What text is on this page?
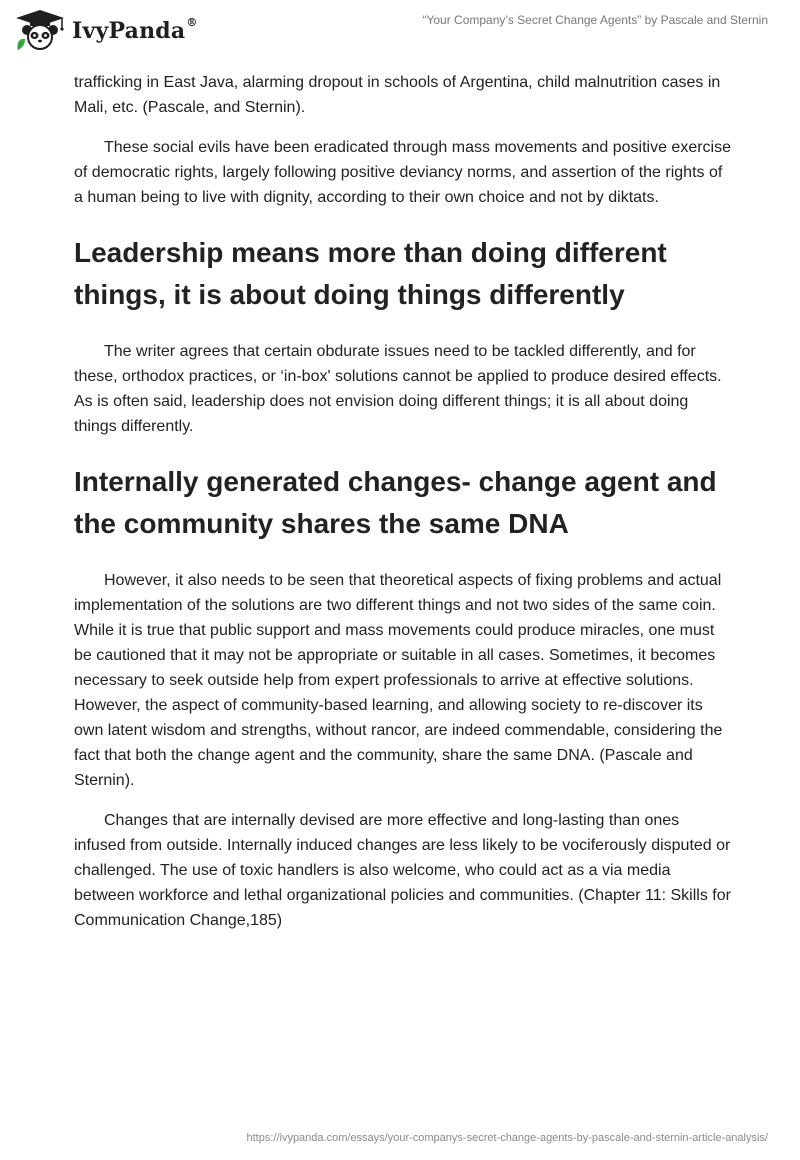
IvyPanda®	“Your Company’s Secret Change Agents” by Pascale and Sternin

trafficking in East Java, alarming dropout in schools of Argentina, child malnutrition cases in Mali, etc. (Pascale, and Sternin).

These social evils have been eradicated through mass movements and positive exercise of democratic rights, largely following positive deviancy norms, and assertion of the rights of a human being to live with dignity, according to their own choice and not by diktats.

Leadership means more than doing different things, it is about doing things differently

The writer agrees that certain obdurate issues need to be tackled differently, and for these, orthodox practices, or ‘in-box' solutions cannot be applied to produce desired effects. As is often said, leadership does not envision doing different things; it is all about doing things differently.

Internally generated changes- change agent and the community shares the same DNA

However, it also needs to be seen that theoretical aspects of fixing problems and actual implementation of the solutions are two different things and not two sides of the same coin. While it is true that public support and mass movements could produce miracles, one must be cautioned that it may not be appropriate or suitable in all cases. Sometimes, it becomes necessary to seek outside help from expert professionals to arrive at effective solutions. However, the aspect of community-based learning, and allowing society to re-discover its own latent wisdom and strengths, without rancor, are indeed commendable, considering the fact that both the change agent and the community, share the same DNA. (Pascale and Sternin).

Changes that are internally devised are more effective and long-lasting than ones infused from outside. Internally induced changes are less likely to be vociferously disputed or challenged. The use of toxic handlers is also welcome, who could act as a via media between workforce and lethal organizational policies and communities. (Chapter 11: Skills for Communication Change,185)

https://ivypanda.com/essays/your-companys-secret-change-agents-by-pascale-and-sternin-article-analysis/
